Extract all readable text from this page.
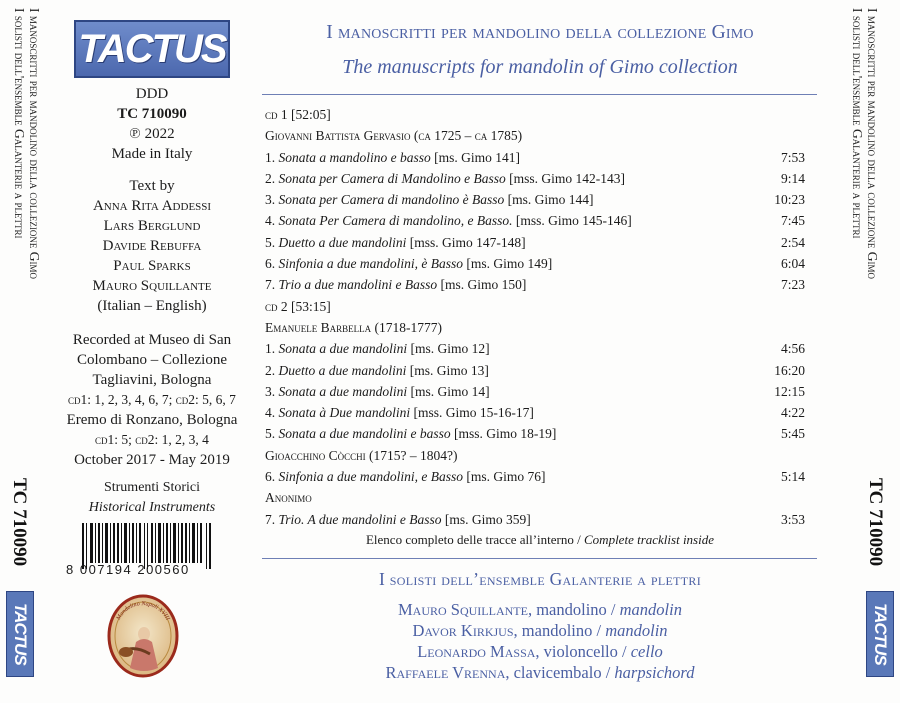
I manoscritti per mandolino della collezione Gimo
I solisti dell'ensemble Galanterie a plettri
TC 710090
TACTUS
I manoscritti per mandolino della collezione Gimo
I solisti dell'ensemble Galanterie a plettri
TC 710090
TACTUS
TACTUS
DDD
TC 710090
℗ 2022
Made in Italy
Text by
Anna Rita Addessi
Lars Berglund
Davide Rebuffa
Paul Sparks
Mauro Squillante
(Italian – English)
Recorded at Museo di San
Colombano – Collezione
Tagliavini, Bologna
cd1: 1, 2, 3, 4, 6, 7; cd2: 5, 6, 7
Eremo di Ronzano, Bologna
cd1: 5; cd2: 1, 2, 3, 4
October 2017 - May 2019
Strumenti Storici
Historical Instruments
8 007194 200560
Mandolino Napoli XVIII
I manoscritti per mandolino della collezione Gimo
The manuscripts for mandolin of Gimo collection
cd 1 [52:05]
Giovanni Battista Gervasio (ca 1725 – ca 1785)
1. Sonata a mandolino e basso [ms. Gimo 141]	7:53
2. Sonata per Camera di Mandolino e Basso [mss. Gimo 142-143]	9:14
3. Sonata per Camera di mandolino è Basso [ms. Gimo 144]	10:23
4. Sonata Per Camera di mandolino, e Basso. [mss. Gimo 145-146]	7:45
5. Duetto a due mandolini [mss. Gimo 147-148]	2:54
6. Sinfonia a due mandolini, è Basso [ms. Gimo 149]	6:04
7. Trio a due mandolini e Basso [ms. Gimo 150]	7:23
cd 2 [53:15]
Emanuele Barbella (1718-1777)
1. Sonata a due mandolini [ms. Gimo 12]	4:56
2. Duetto a due mandolini [ms. Gimo 13]	16:20
3. Sonata a due mandolini [ms. Gimo 14]	12:15
4. Sonata à Due mandolini [mss. Gimo 15-16-17]	4:22
5. Sonata a due mandolini e basso [mss. Gimo 18-19]	5:45
Gioacchino Còcchi (1715? – 1804?)
6. Sinfonia a due mandolini, e Basso [ms. Gimo 76]	5:14
Anonimo
7. Trio. A due mandolini e Basso [ms. Gimo 359]	3:53
Elenco completo delle tracce all’interno / Complete tracklist inside
I solisti dell’ensemble Galanterie a plettri
Mauro Squillante, mandolino / mandolin
Davor Kirkjus, mandolino / mandolin
Leonardo Massa, violoncello / cello
Raffaele Vrenna, clavicembalo / harpsichord
